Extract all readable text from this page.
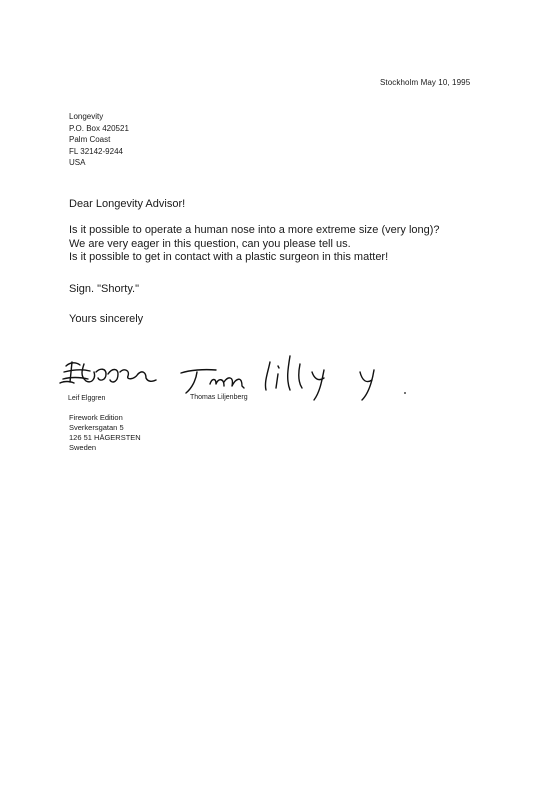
Stockholm May 10, 1995
Longevity
P.O. Box 420521
Palm Coast
FL 32142-9244
USA
Dear Longevity Advisor!
Is it possible to operate a human nose into a more extreme size (very long)?
We are very eager in this question, can you please tell us.
Is it possible to get in contact with a plastic surgeon in this matter!
Sign. "Shorty."
Yours sincerely
Leif Elggren	Thomas Liljenberg
Firework Edition
Sverkersgatan 5
126 51 HÄGERSTEN
Sweden
